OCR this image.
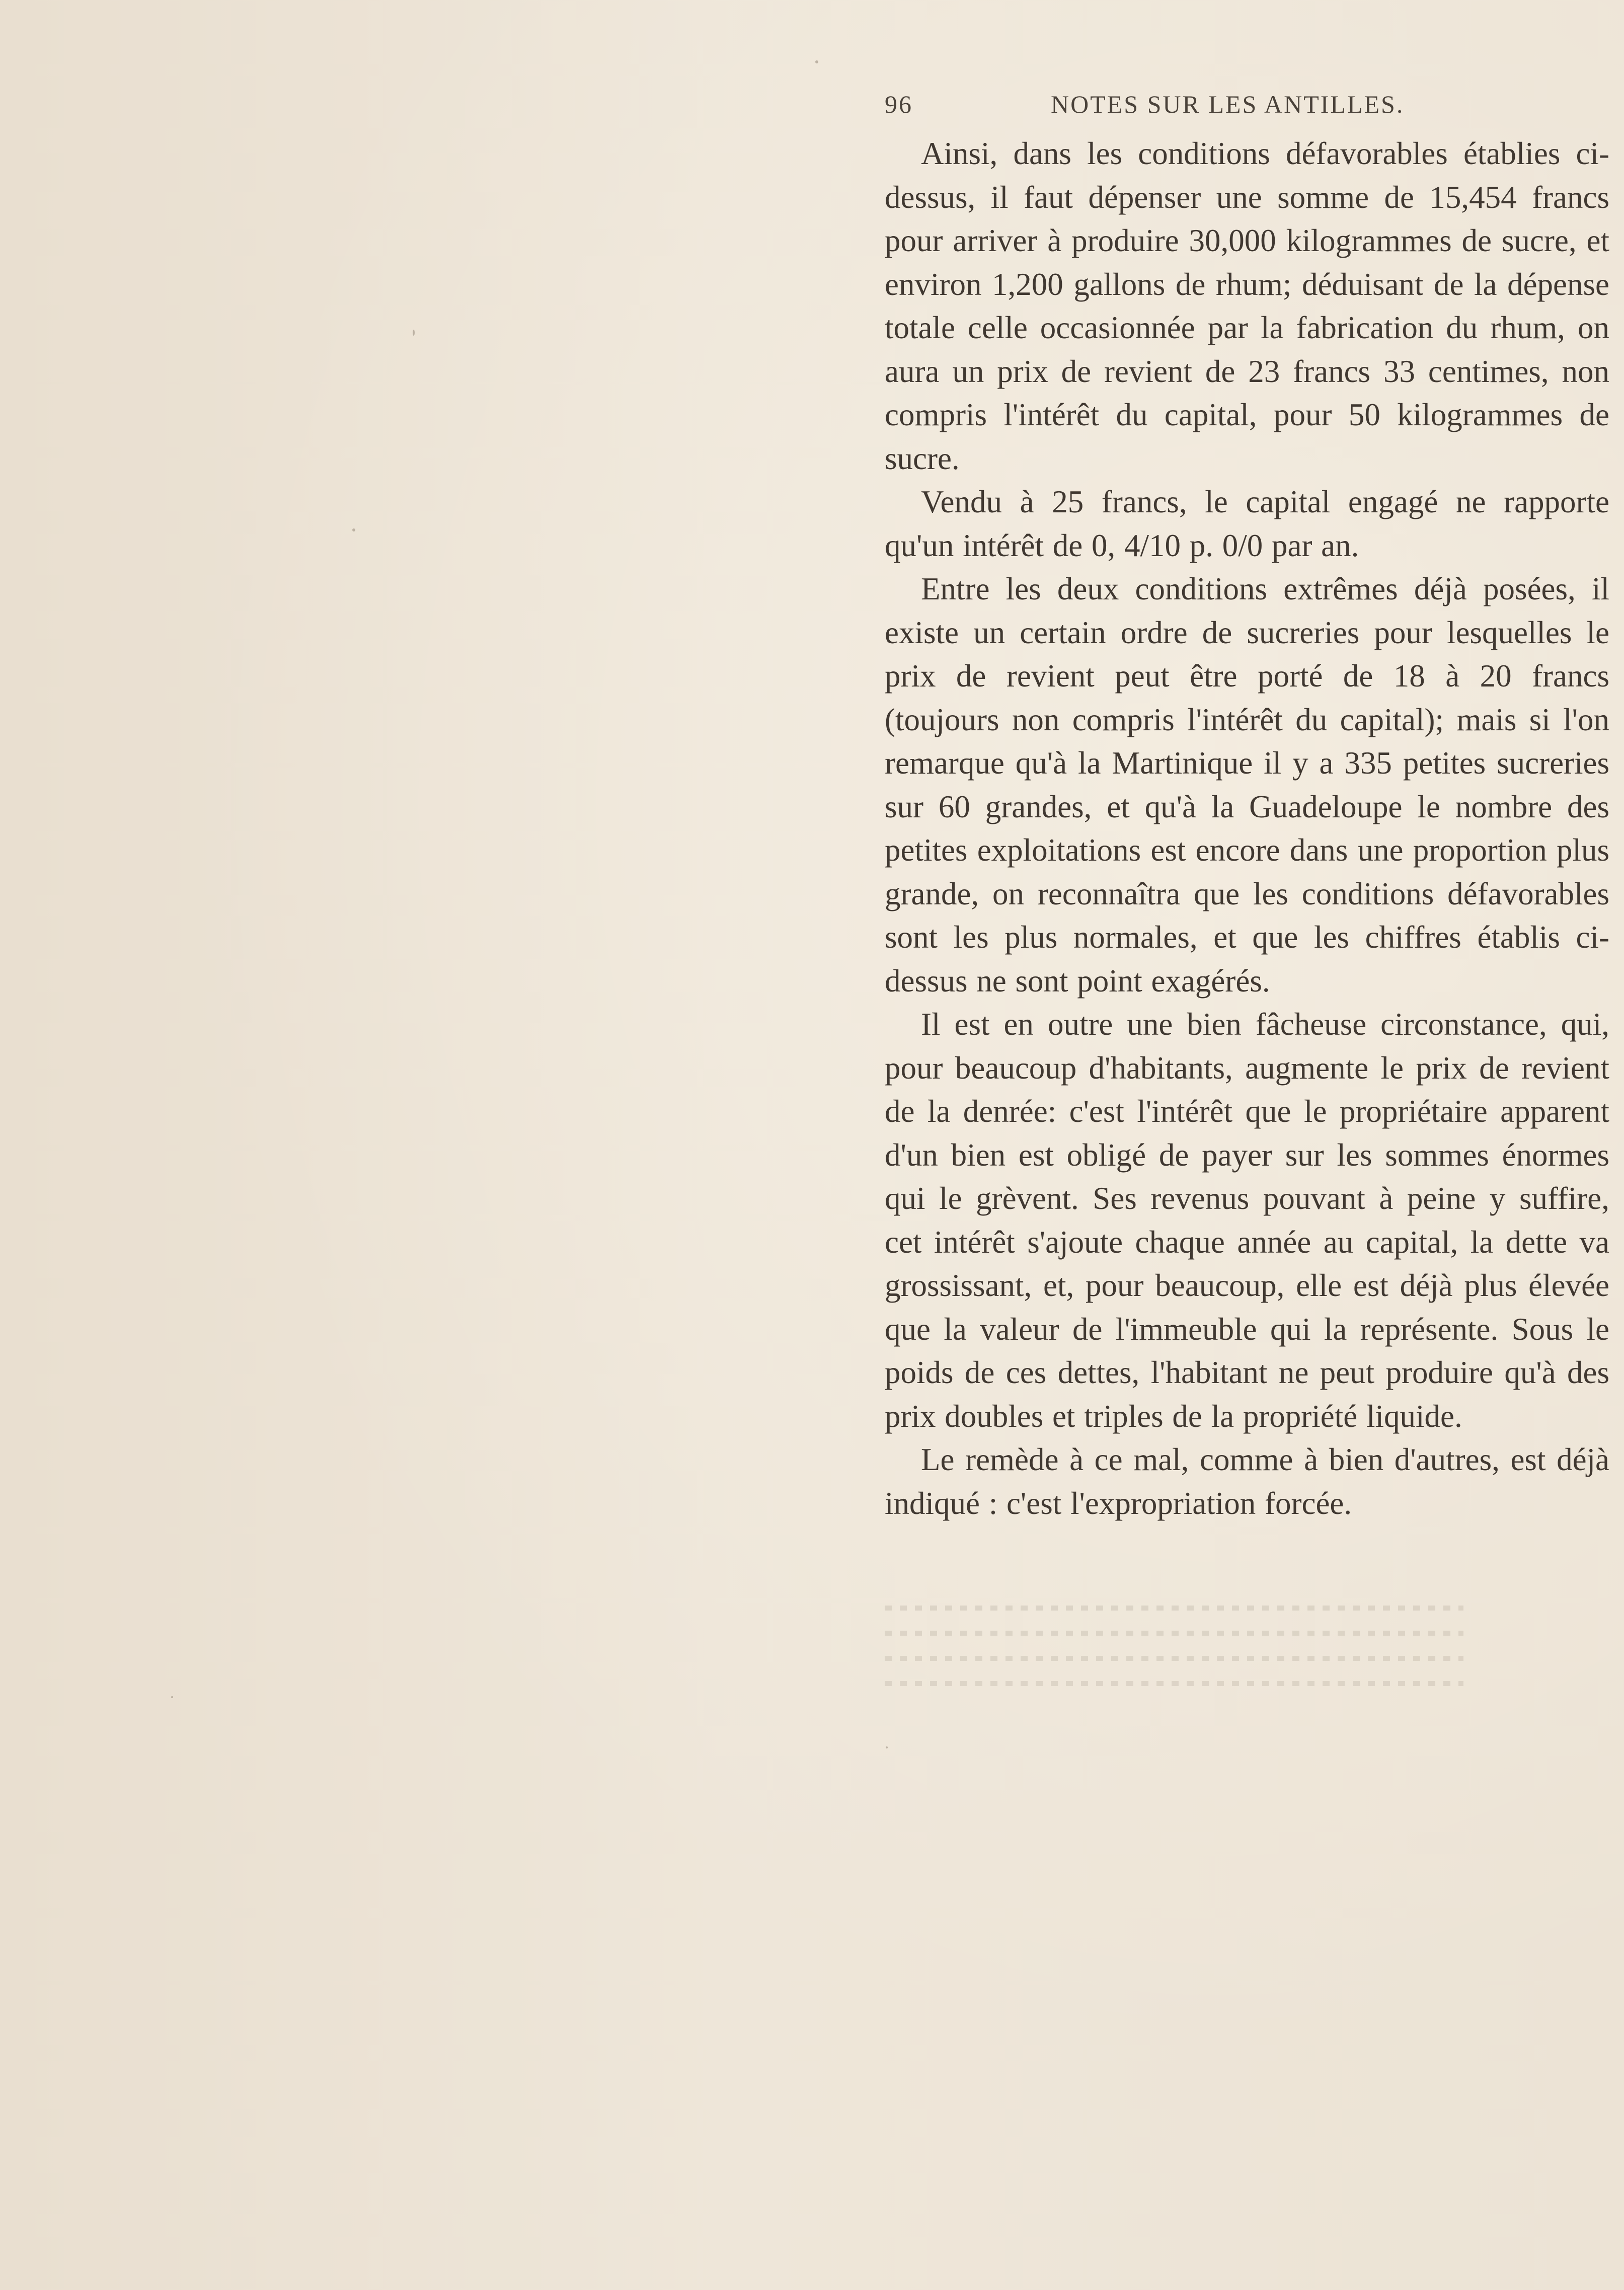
96	NOTES SUR LES ANTILLES.

Ainsi, dans les conditions défavorables établies ci-dessus, il faut dépenser une somme de 15,454 francs pour arriver à produire 30,000 kilogrammes de sucre, et environ 1,200 gallons de rhum; déduisant de la dépense totale celle occasionnée par la fabrication du rhum, on aura un prix de revient de 23 francs 33 centimes, non compris l'intérêt du capital, pour 50 kilogrammes de sucre.

Vendu à 25 francs, le capital engagé ne rapporte qu'un intérêt de 0, 4/10 p. 0/0 par an.

Entre les deux conditions extrêmes déjà posées, il existe un certain ordre de sucreries pour lesquelles le prix de revient peut être porté de 18 à 20 francs (toujours non compris l'intérêt du capital); mais si l'on remarque qu'à la Martinique il y a 335 petites sucreries sur 60 grandes, et qu'à la Guadeloupe le nombre des petites exploitations est encore dans une proportion plus grande, on reconnaîtra que les conditions défavorables sont les plus normales, et que les chiffres établis ci-dessus ne sont point exagérés.

Il est en outre une bien fâcheuse circonstance, qui, pour beaucoup d'habitants, augmente le prix de revient de la denrée: c'est l'intérêt que le propriétaire apparent d'un bien est obligé de payer sur les sommes énormes qui le grèvent. Ses revenus pouvant à peine y suffire, cet intérêt s'ajoute chaque année au capital, la dette va grossissant, et, pour beaucoup, elle est déjà plus élevée que la valeur de l'immeuble qui la représente. Sous le poids de ces dettes, l'habitant ne peut produire qu'à des prix doubles et triples de la propriété liquide.

Le remède à ce mal, comme à bien d'autres, est déjà indiqué : c'est l'expropriation forcée.
